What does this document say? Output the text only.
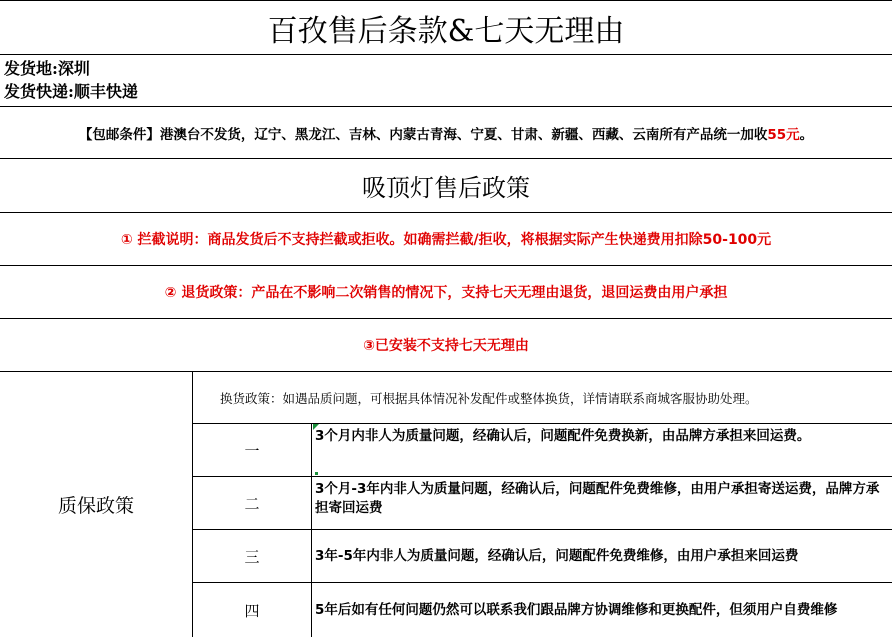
百孜售后条款&七天无理由
发货地:深圳
发货快递:顺丰快递
【包邮条件】港澳台不发货，辽宁、黑龙江、吉林、内蒙古青海、宁夏、甘肃、新疆、西藏、云南所有产品统一加收 55元 。
吸顶灯售后政策
① 拦截说明：商品发货后不支持拦截或拒收。如确需拦截/拒收，将根据实际产生快递费用扣除50-100元
② 退货政策：产品在不影响二次销售的情况下，支持七天无理由退货，退回运费由用户承担
③已安装不支持七天无理由
质保政策
换货政策：如遇品质问题，可根据具体情况补发配件或整体换货，详情请联系商城客服协助处理。
一
3个月内非人为质量问题，经确认后，问题配件免费换新，由品牌方承担来回运费。
二
3个月-3年内非人为质量问题，经确认后，问题配件免费维修，由用户承担寄送运费，品牌方承担寄回运费
三	3年-5年内非人为质量问题，经确认后，问题配件免费维修，由用户承担来回运费
四	5年后如有任何问题仍然可以联系我们跟品牌方协调维修和更换配件，但须用户自费维修
